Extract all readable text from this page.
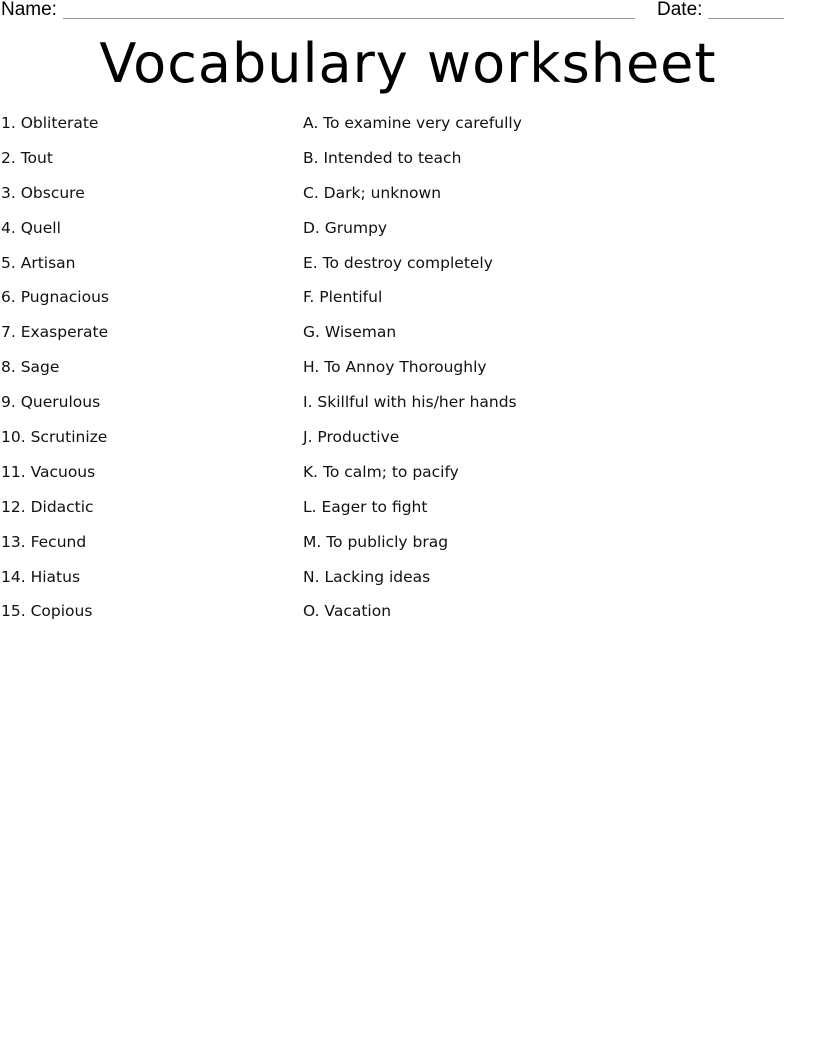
Name:	Date:
Vocabulary worksheet
1. Obliterate
2. Tout
3. Obscure
4. Quell
5. Artisan
6. Pugnacious
7. Exasperate
8. Sage
9. Querulous
10. Scrutinize
11. Vacuous
12. Didactic
13. Fecund
14. Hiatus
15. Copious
A. To examine very carefully
B. Intended to teach
C. Dark; unknown
D. Grumpy
E. To destroy completely
F. Plentiful
G. Wiseman
H. To Annoy Thoroughly
I. Skillful with his/her hands
J. Productive
K. To calm; to pacify
L. Eager to fight
M. To publicly brag
N. Lacking ideas
O. Vacation
